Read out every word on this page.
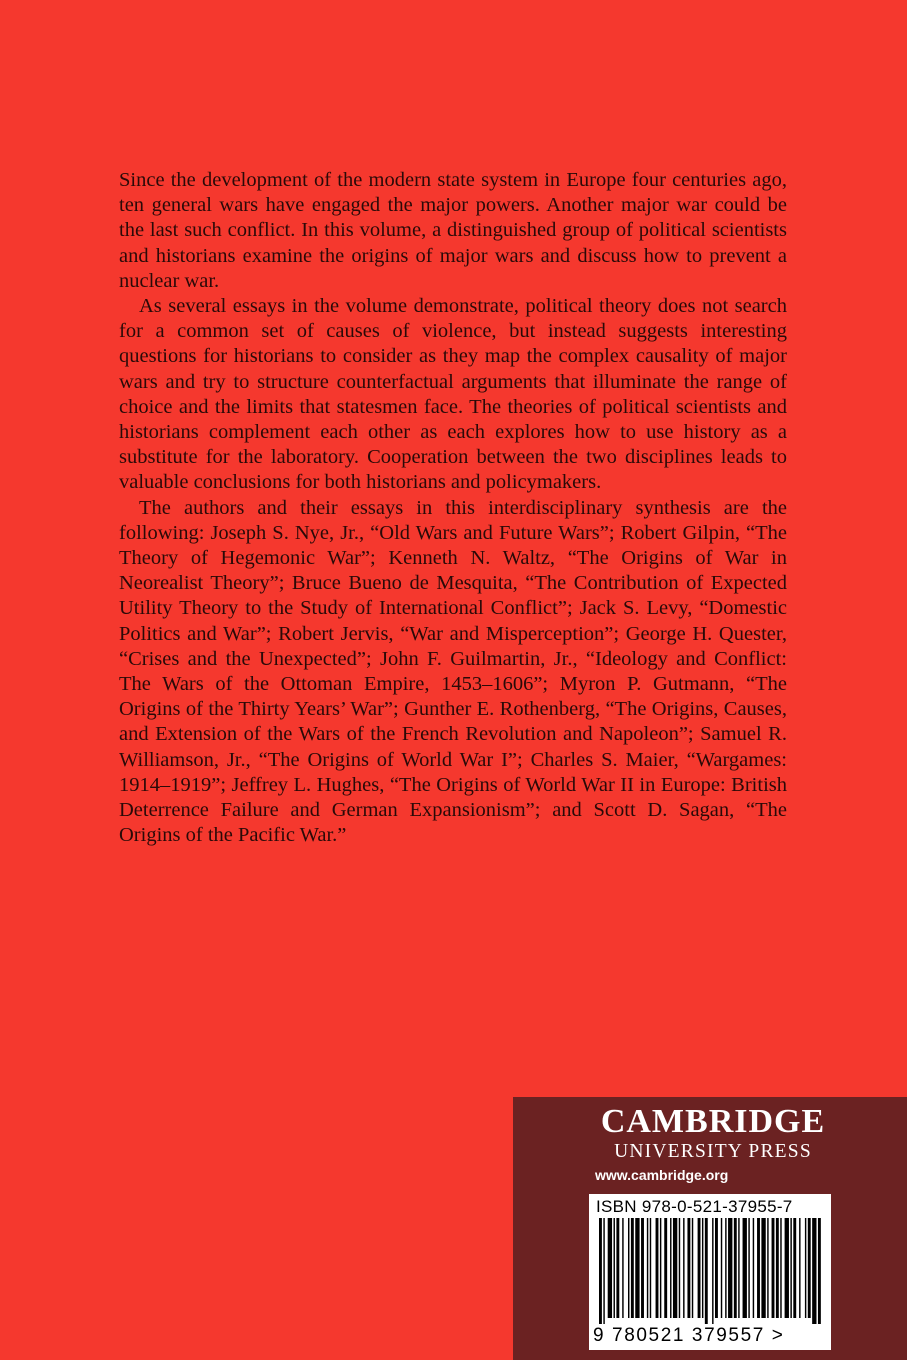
Since the development of the modern state system in Europe four centuries ago, ten general wars have engaged the major powers. Another major war could be the last such conflict. In this volume, a distinguished group of political scientists and historians examine the origins of major wars and discuss how to prevent a nuclear war.

As several essays in the volume demonstrate, political theory does not search for a common set of causes of violence, but instead suggests interesting questions for historians to consider as they map the complex causality of major wars and try to structure counterfactual arguments that illuminate the range of choice and the limits that statesmen face. The theories of political scientists and historians complement each other as each explores how to use history as a substitute for the laboratory. Cooperation between the two disciplines leads to valuable conclusions for both historians and policymakers.

The authors and their essays in this interdisciplinary synthesis are the following: Joseph S. Nye, Jr., “Old Wars and Future Wars”; Robert Gilpin, “The Theory of Hegemonic War”; Kenneth N. Waltz, “The Origins of War in Neorealist Theory”; Bruce Bueno de Mesquita, “The Contribution of Expected Utility Theory to the Study of International Conflict”; Jack S. Levy, “Domestic Politics and War”; Robert Jervis, “War and Misperception”; George H. Quester, “Crises and the Unexpected”; John F. Guilmartin, Jr., “Ideology and Conflict: The Wars of the Ottoman Empire, 1453–1606”; Myron P. Gutmann, “The Origins of the Thirty Years’ War”; Gunther E. Rothenberg, “The Origins, Causes, and Extension of the Wars of the French Revolution and Napoleon”; Samuel R. Williamson, Jr., “The Origins of World War I”; Charles S. Maier, “Wargames: 1914–1919”; Jeffrey L. Hughes, “The Origins of World War II in Europe: British Deterrence Failure and German Expansionism”; and Scott D. Sagan, “The Origins of the Pacific War.”

CAMBRIDGE
UNIVERSITY PRESS
www.cambridge.org
ISBN 978-0-521-37955-7
9 780521 379557 >
